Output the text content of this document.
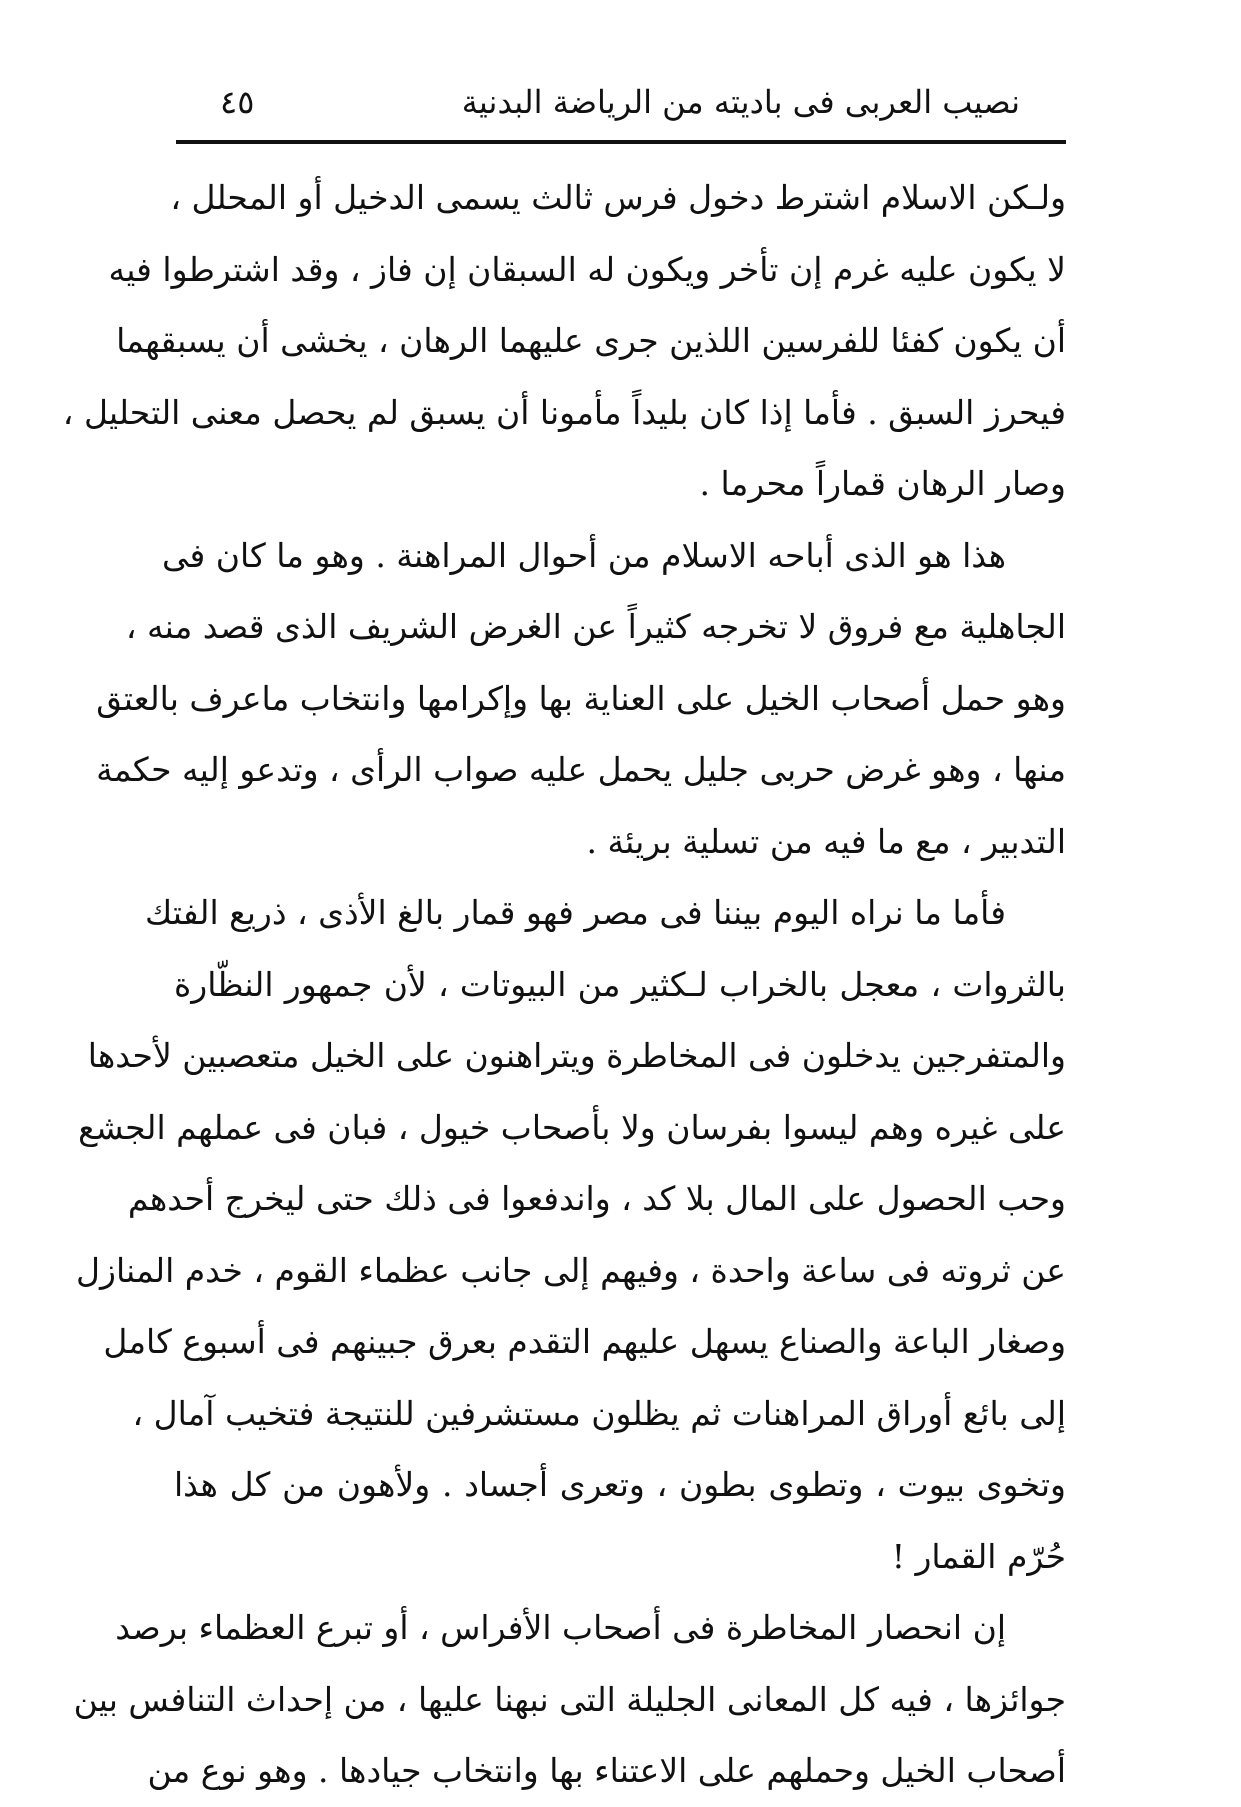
نصيب العربى فى باديته من الرياضة البدنية
٤٥
ولـكن الاسلام اشترط دخول فرس ثالث يسمى الدخيل أو المحلل ،
لا يكون عليه غرم إن تأخر ويكون له السبقان إن فاز ، وقد اشترطوا فيه
أن يكون كفئا للفرسين اللذين جرى عليهما الرهان ، يخشى أن يسبقهما
فيحرز السبق . فأما إذا كان بليداً مأمونا أن يسبق لم يحصل معنى التحليل ،
وصار الرهان قماراً محرما .
هذا هو الذى أباحه الاسلام من أحوال المراهنة . وهو ما كان فى
الجاهلية مع فروق لا تخرجه كثيراً عن الغرض الشريف الذى قصد منه ،
وهو حمل أصحاب الخيل على العناية بها وإكرامها وانتخاب ماعرف بالعتق
منها ، وهو غرض حربى جليل يحمل عليه صواب الرأى ، وتدعو إليه حكمة
التدبير ، مع ما فيه من تسلية بريئة .
فأما ما نراه اليوم بيننا فى مصر فهو قمار بالغ الأذى ، ذريع الفتك
بالثروات ، معجل بالخراب لـكثير من البيوتات ، لأن جمهور النظّارة
والمتفرجين يدخلون فى المخاطرة ويتراهنون على الخيل متعصبين لأحدها
على غيره وهم ليسوا بفرسان ولا بأصحاب خيول ، فبان فى عملهم الجشع
وحب الحصول على المال بلا كد ، واندفعوا فى ذلك حتى ليخرج أحدهم
عن ثروته فى ساعة واحدة ، وفيهم إلى جانب عظماء القوم ، خدم المنازل
وصغار الباعة والصناع يسهل عليهم التقدم بعرق جبينهم فى أسبوع كامل
إلى بائع أوراق المراهنات ثم يظلون مستشرفين للنتيجة فتخيب آمال ،
وتخوى بيوت ، وتطوى بطون ، وتعرى أجساد . ولأهون من كل هذا
حُرّم القمار !
إن انحصار المخاطرة فى أصحاب الأفراس ، أو تبرع العظماء برصد
جوائزها ، فيه كل المعانى الجليلة التى نبهنا عليها ، من إحداث التنافس بين
أصحاب الخيل وحملهم على الاعتناء بها وانتخاب جيادها . وهو نوع من
